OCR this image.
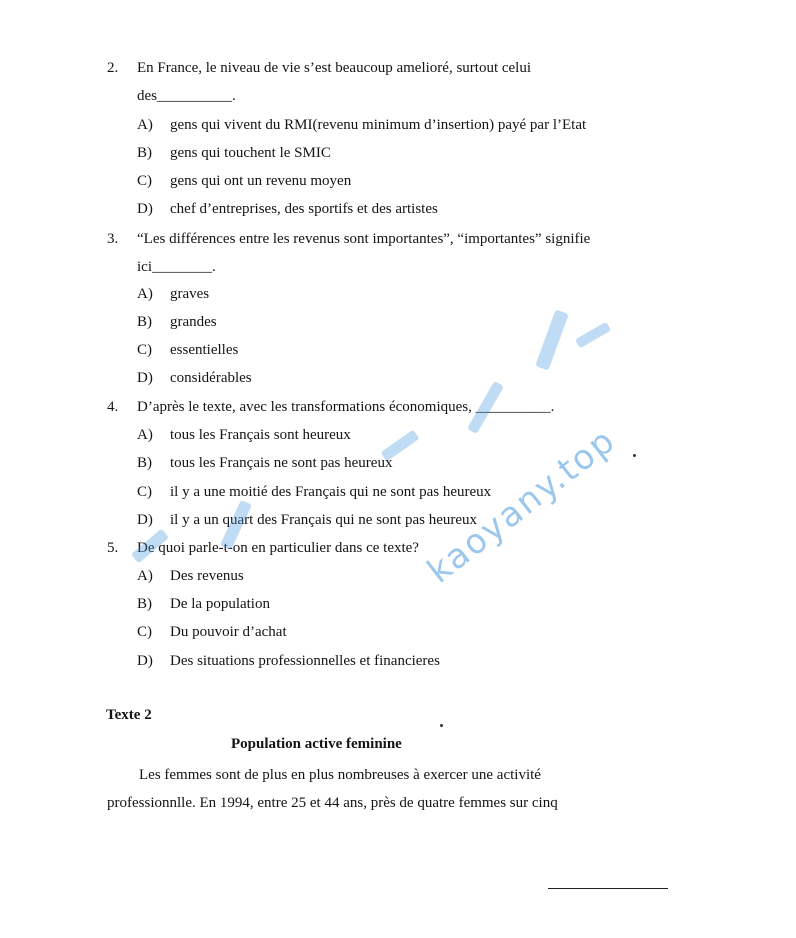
2.	En France, le niveau de vie s’est beaucoup amelioré, surtout celui
des__________.
A) gens qui vivent du RMI(revenu minimum d’insertion) payé par l’Etat
B) gens qui touchent le SMIC
C) gens qui ont un revenu moyen
D) chef d’entreprises, des sportifs et des artistes
3.	“Les différences entre les revenus sont importantes”, “importantes” signifie
ici________.
A) graves
B) grandes
C) essentielles
D) considérables
4.	D’après le texte, avec les transformations économiques, __________.
A) tous les Français sont heureux
B) tous les Français ne sont pas heureux
C) il y a une moitié des Français qui ne sont pas heureux
D) il y a un quart des Français qui ne sont pas heureux
5.	De quoi parle-t-on en particulier dans ce texte?
A) Des revenus
B) De la population
C) Du pouvoir d’achat
D) Des situations professionnelles et financieres
Texte 2
Population active feminine
Les femmes sont de plus en plus nombreuses à exercer une activité
professionnlle. En 1994, entre 25 et 44 ans, près de quatre femmes sur cinq
kaoyany.top
